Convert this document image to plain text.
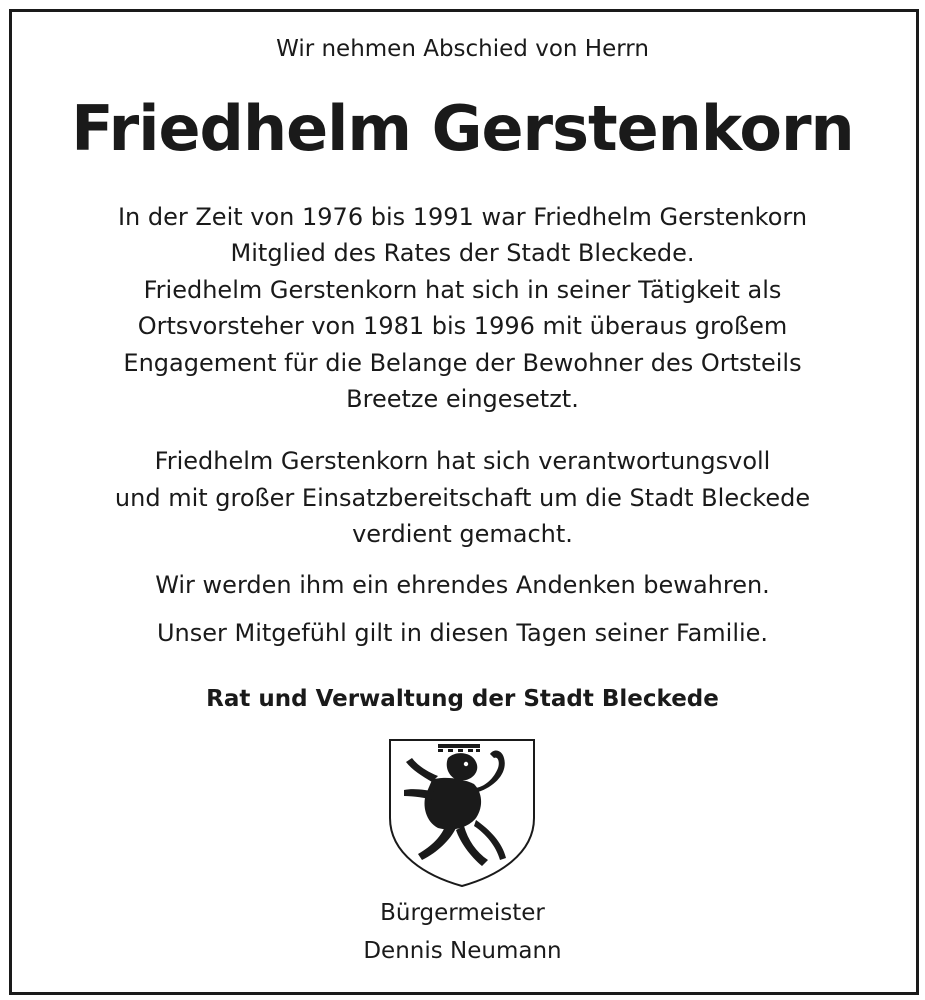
Wir nehmen Abschied von Herrn

Friedhelm Gerstenkorn

In der Zeit von 1976 bis 1991 war Friedhelm Gerstenkorn

Mitglied des Rates der Stadt Bleckede.

Friedhelm Gerstenkorn hat sich in seiner Tätigkeit als

Ortsvorsteher von 1981 bis 1996 mit überaus großem

Engagement für die Belange der Bewohner des Ortsteils

Breetze eingesetzt.

Friedhelm Gerstenkorn hat sich verantwortungsvoll

und mit großer Einsatzbereitschaft um die Stadt Bleckede

verdient gemacht.

Wir werden ihm ein ehrendes Andenken bewahren.

Unser Mitgefühl gilt in diesen Tagen seiner Familie.

Rat und Verwaltung der Stadt Bleckede

Bürgermeister

Dennis Neumann
